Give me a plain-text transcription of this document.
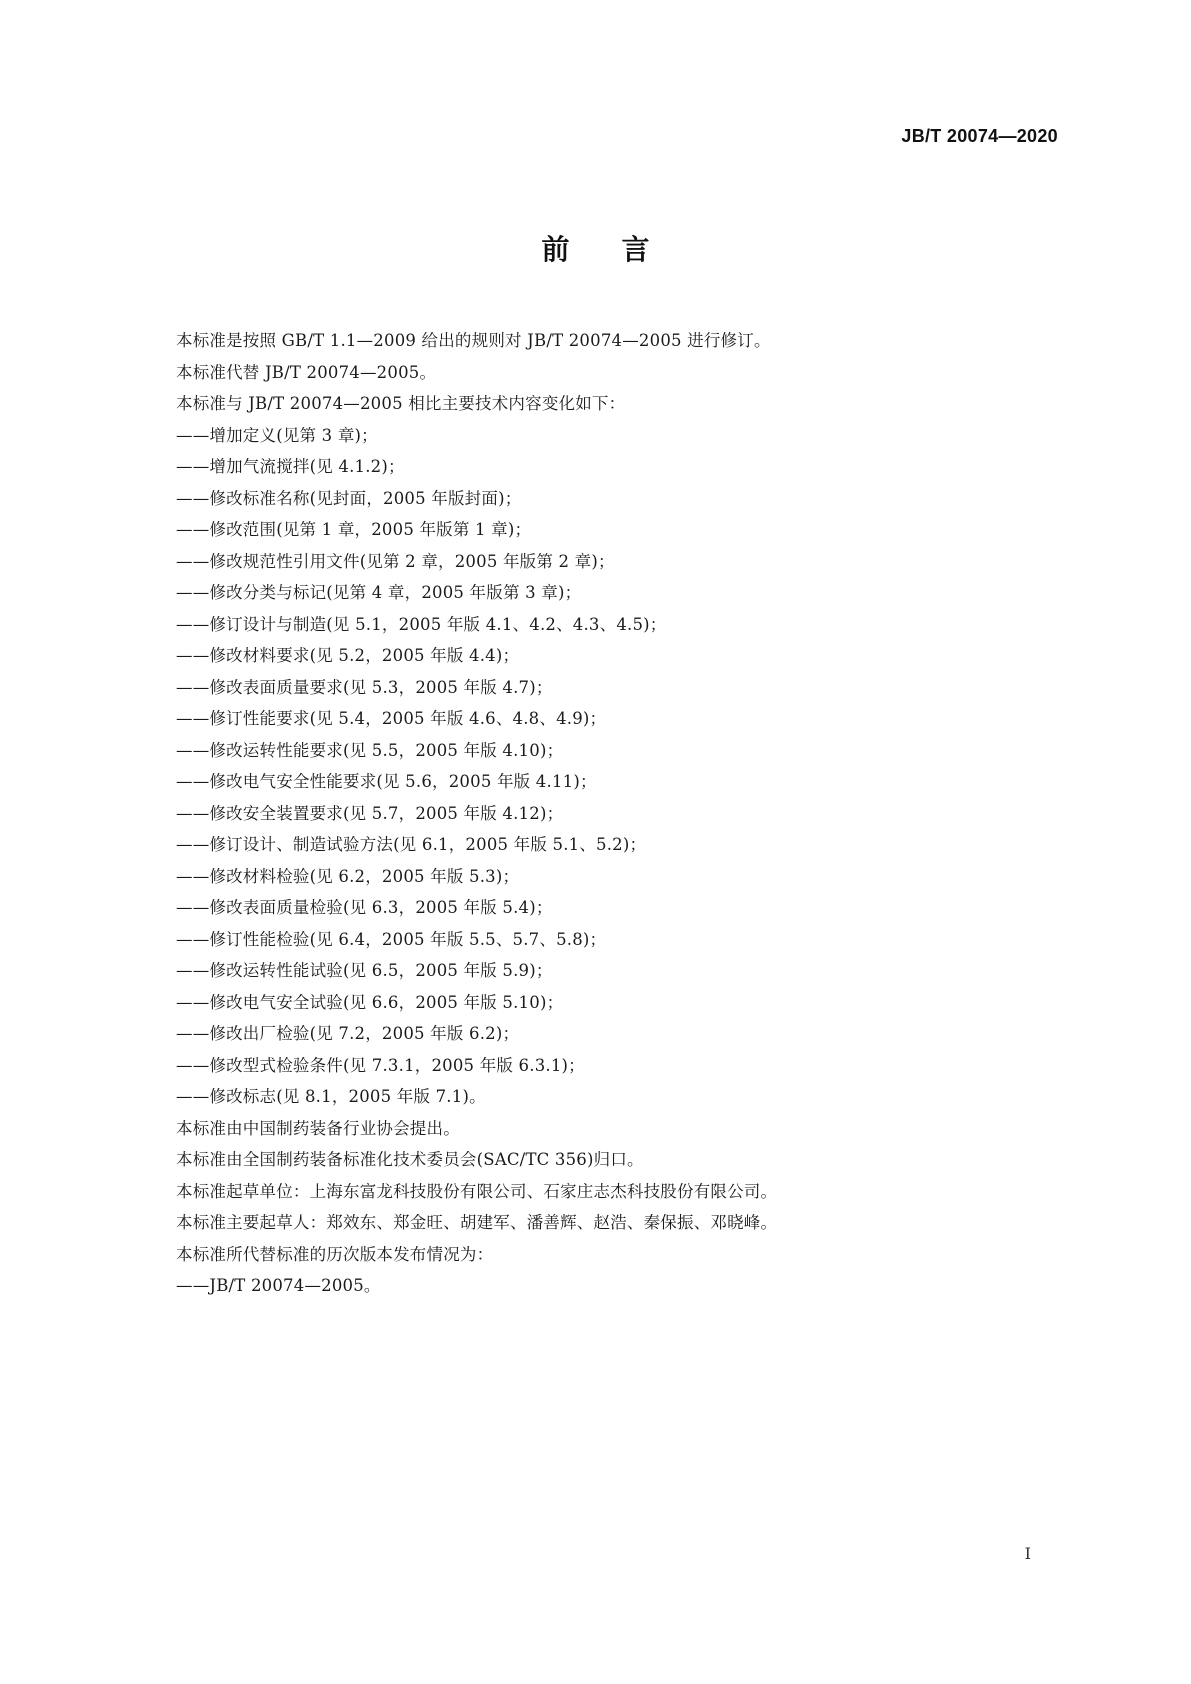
JB/T 20074—2020
前言
本标准是按照 GB/T 1.1—2009 给出的规则对 JB/T 20074—2005 进行修订。
本标准代替 JB/T 20074—2005。
本标准与 JB/T 20074—2005 相比主要技术内容变化如下：
——增加定义(见第 3 章)；
——增加气流搅拌(见 4.1.2)；
——修改标准名称(见封面，2005 年版封面)；
——修改范围(见第 1 章，2005 年版第 1 章)；
——修改规范性引用文件(见第 2 章，2005 年版第 2 章)；
——修改分类与标记(见第 4 章，2005 年版第 3 章)；
——修订设计与制造(见 5.1，2005 年版 4.1、4.2、4.3、4.5)；
——修改材料要求(见 5.2，2005 年版 4.4)；
——修改表面质量要求(见 5.3，2005 年版 4.7)；
——修订性能要求(见 5.4，2005 年版 4.6、4.8、4.9)；
——修改运转性能要求(见 5.5，2005 年版 4.10)；
——修改电气安全性能要求(见 5.6，2005 年版 4.11)；
——修改安全装置要求(见 5.7，2005 年版 4.12)；
——修订设计、制造试验方法(见 6.1，2005 年版 5.1、5.2)；
——修改材料检验(见 6.2，2005 年版 5.3)；
——修改表面质量检验(见 6.3，2005 年版 5.4)；
——修订性能检验(见 6.4，2005 年版 5.5、5.7、5.8)；
——修改运转性能试验(见 6.5，2005 年版 5.9)；
——修改电气安全试验(见 6.6，2005 年版 5.10)；
——修改出厂检验(见 7.2，2005 年版 6.2)；
——修改型式检验条件(见 7.3.1，2005 年版 6.3.1)；
——修改标志(见 8.1，2005 年版 7.1)。
本标准由中国制药装备行业协会提出。
本标准由全国制药装备标准化技术委员会(SAC/TC 356)归口。
本标准起草单位：上海东富龙科技股份有限公司、石家庄志杰科技股份有限公司。
本标准主要起草人：郑效东、郑金旺、胡建军、潘善辉、赵浩、秦保振、邓晓峰。
本标准所代替标准的历次版本发布情况为：
——JB/T 20074—2005。
I
